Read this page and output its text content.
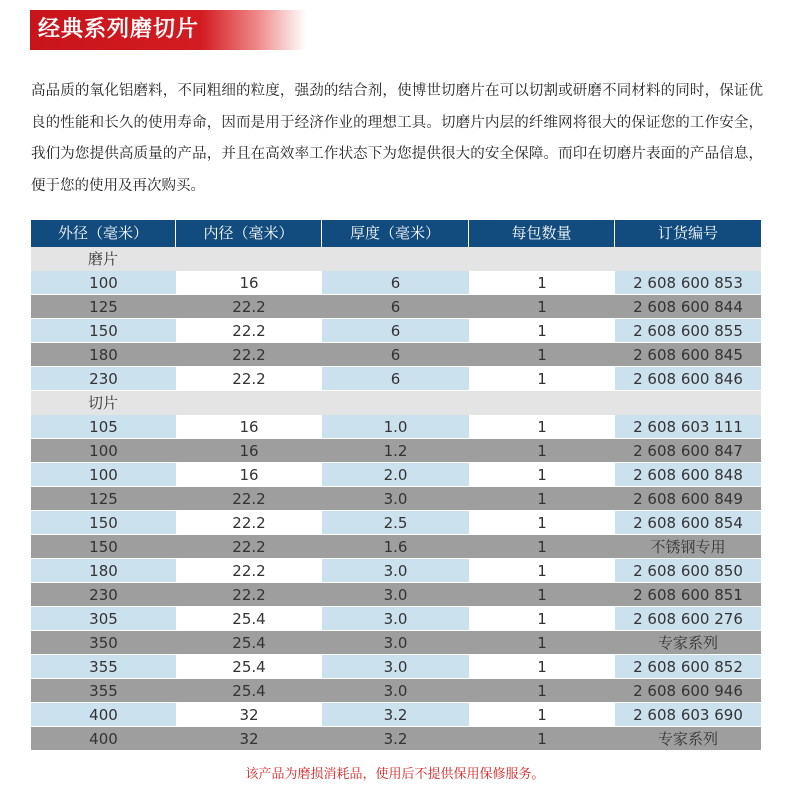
经典系列磨切片
高品质的氧化铝磨料，不同粗细的粒度，强劲的结合剂，使博世切磨片在可以切割或研磨不同材料的同时，保证优良的性能和长久的使用寿命，因而是用于经济作业的理想工具。切磨片内层的纤维网将很大的保证您的工作安全，我们为您提供高质量的产品，并且在高效率工作状态下为您提供很大的安全保障。而印在切磨片表面的产品信息，便于您的使用及再次购买。
外径（毫米）	内径（毫米）	厚度（毫米）	每包数量	订货编号
磨片
100	16	6	1	2 608 600 853
125	22.2	6	1	2 608 600 844
150	22.2	6	1	2 608 600 855
180	22.2	6	1	2 608 600 845
230	22.2	6	1	2 608 600 846
切片
105	16	1.0	1	2 608 603 111
100	16	1.2	1	2 608 600 847
100	16	2.0	1	2 608 600 848
125	22.2	3.0	1	2 608 600 849
150	22.2	2.5	1	2 608 600 854
150	22.2	1.6	1	不锈钢专用
180	22.2	3.0	1	2 608 600 850
230	22.2	3.0	1	2 608 600 851
305	25.4	3.0	1	2 608 600 276
350	25.4	3.0	1	专家系列
355	25.4	3.0	1	2 608 600 852
355	25.4	3.0	1	2 608 600 946
400	32	3.2	1	2 608 603 690
400	32	3.2	1	专家系列
该产品为磨损消耗品，使用后不提供保用保修服务。
